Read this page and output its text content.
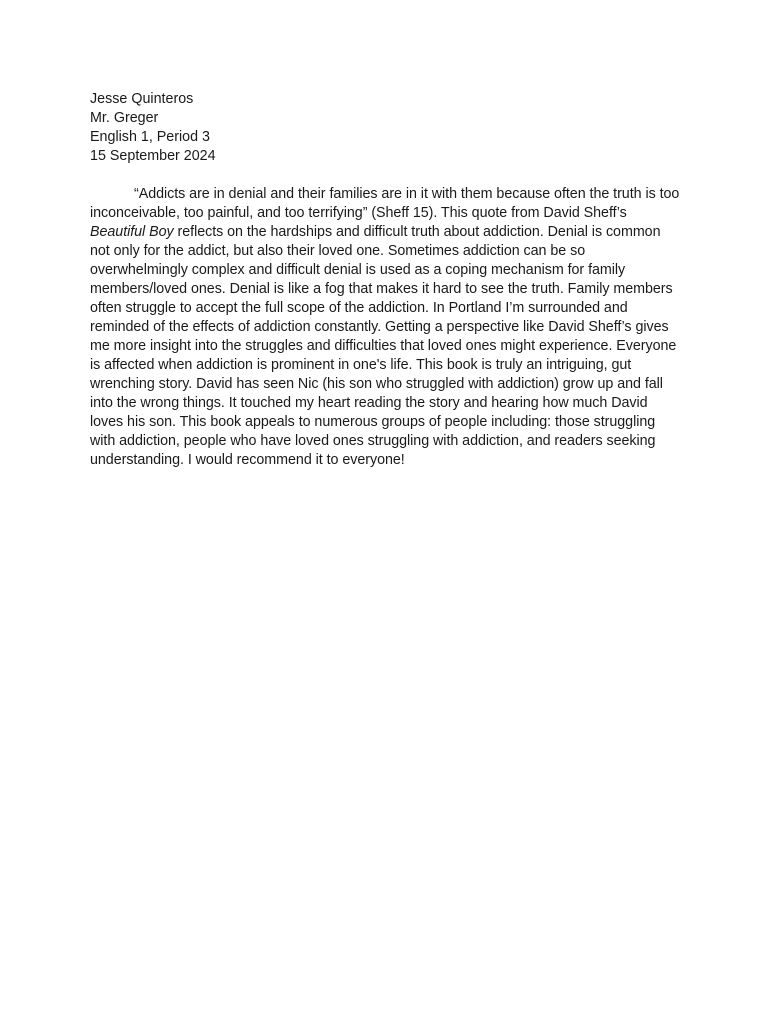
Jesse Quinteros
Mr. Greger
English 1, Period 3
15 September 2024

“Addicts are in denial and their families are in it with them because often the truth is too inconceivable, too painful, and too terrifying” (Sheff 15). This quote from David Sheff’s Beautiful Boy reflects on the hardships and difficult truth about addiction. Denial is common not only for the addict, but also their loved one. Sometimes addiction can be so overwhelmingly complex and difficult denial is used as a coping mechanism for family members/loved ones. Denial is like a fog that makes it hard to see the truth. Family members often struggle to accept the full scope of the addiction. In Portland I’m surrounded and reminded of the effects of addiction constantly. Getting a perspective like David Sheff’s gives me more insight into the struggles and difficulties that loved ones might experience. Everyone is affected when addiction is prominent in one's life. This book is truly an intriguing, gut wrenching story. David has seen Nic (his son who struggled with addiction) grow up and fall into the wrong things. It touched my heart reading the story and hearing how much David loves his son. This book appeals to numerous groups of people including: those struggling with addiction, people who have loved ones struggling with addiction, and readers seeking understanding. I would recommend it to everyone!
